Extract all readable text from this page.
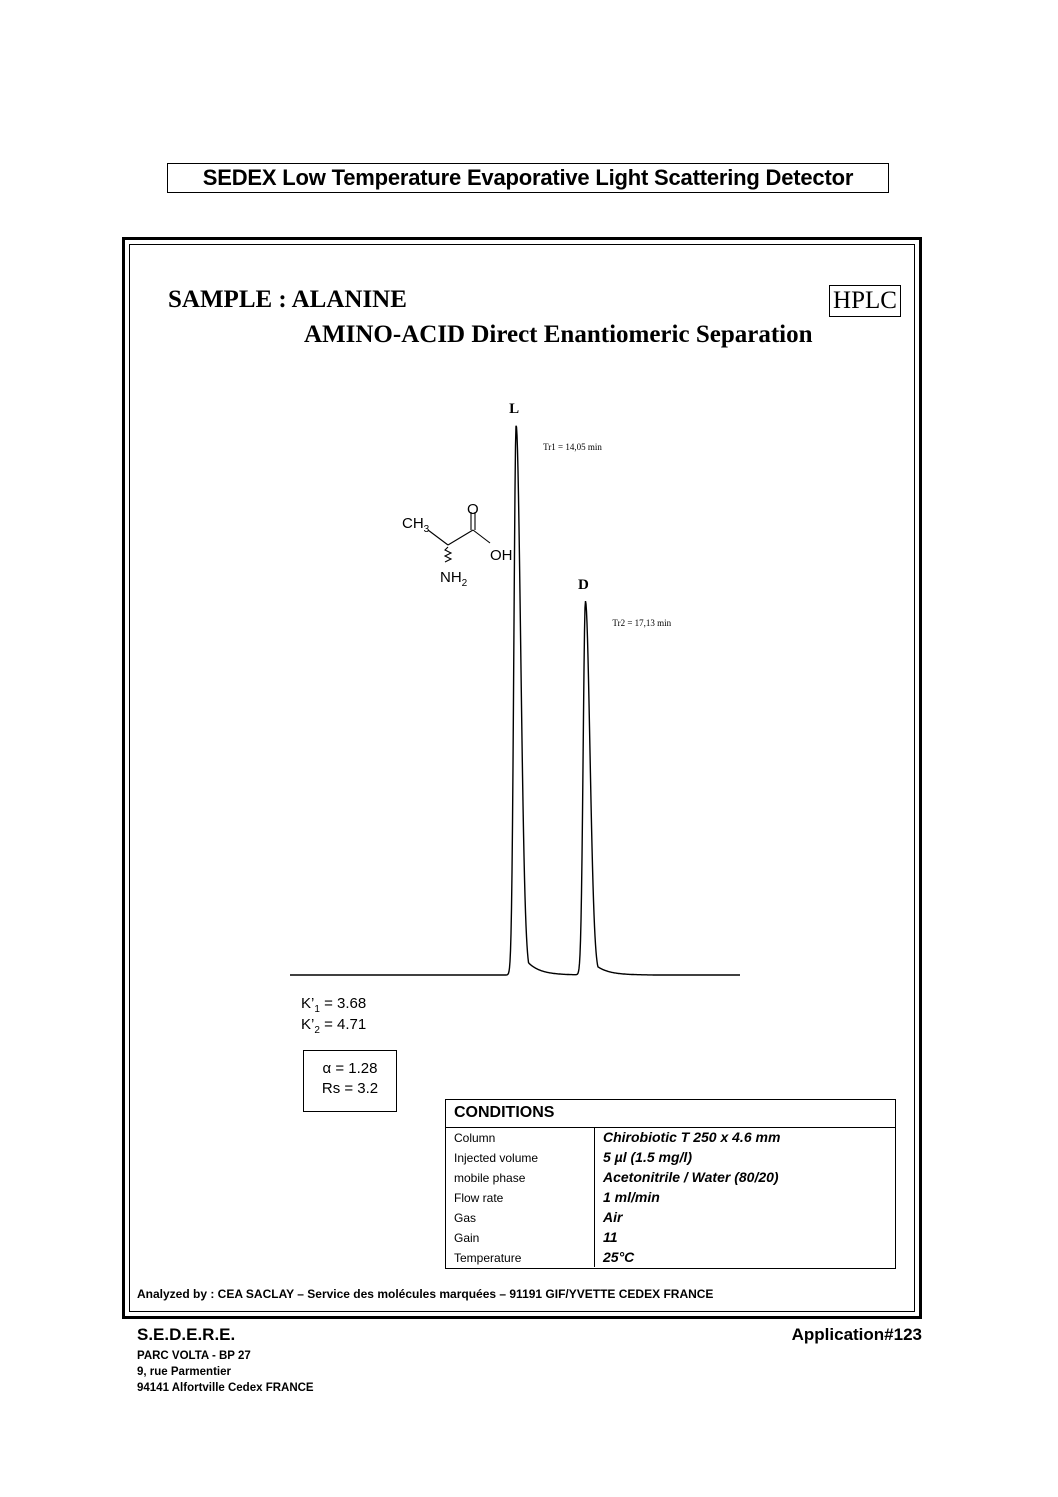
SEDEX Low Temperature Evaporative Light Scattering Detector
SAMPLE : ALANINE	HPLC
AMINO-ACID Direct Enantiomeric Separation
L
D
Tr1 = 14,05 min
Tr2 = 17,13 min
$CH_3$
O
OH
$NH_2$
$K’_1 = 3.68$
$K’_2 = 4.71$
α = 1.28
Rs = 3.2
CONDITIONS
Column	Chirobiotic T 250 x 4.6 mm
Injected volume	5 µl (1.5 mg/l)
mobile phase	Acetonitrile / Water (80/20)
Flow rate	1 ml/min
Gas	Air
Gain	11
Temperature	25°C
Analyzed by : CEA SACLAY – Service des molécules marquées – 91191 GIF/YVETTE CEDEX FRANCE
S.E.D.E.R.E.	Application#123
PARC VOLTA - BP 27
9, rue Parmentier
94141 Alfortville Cedex FRANCE
